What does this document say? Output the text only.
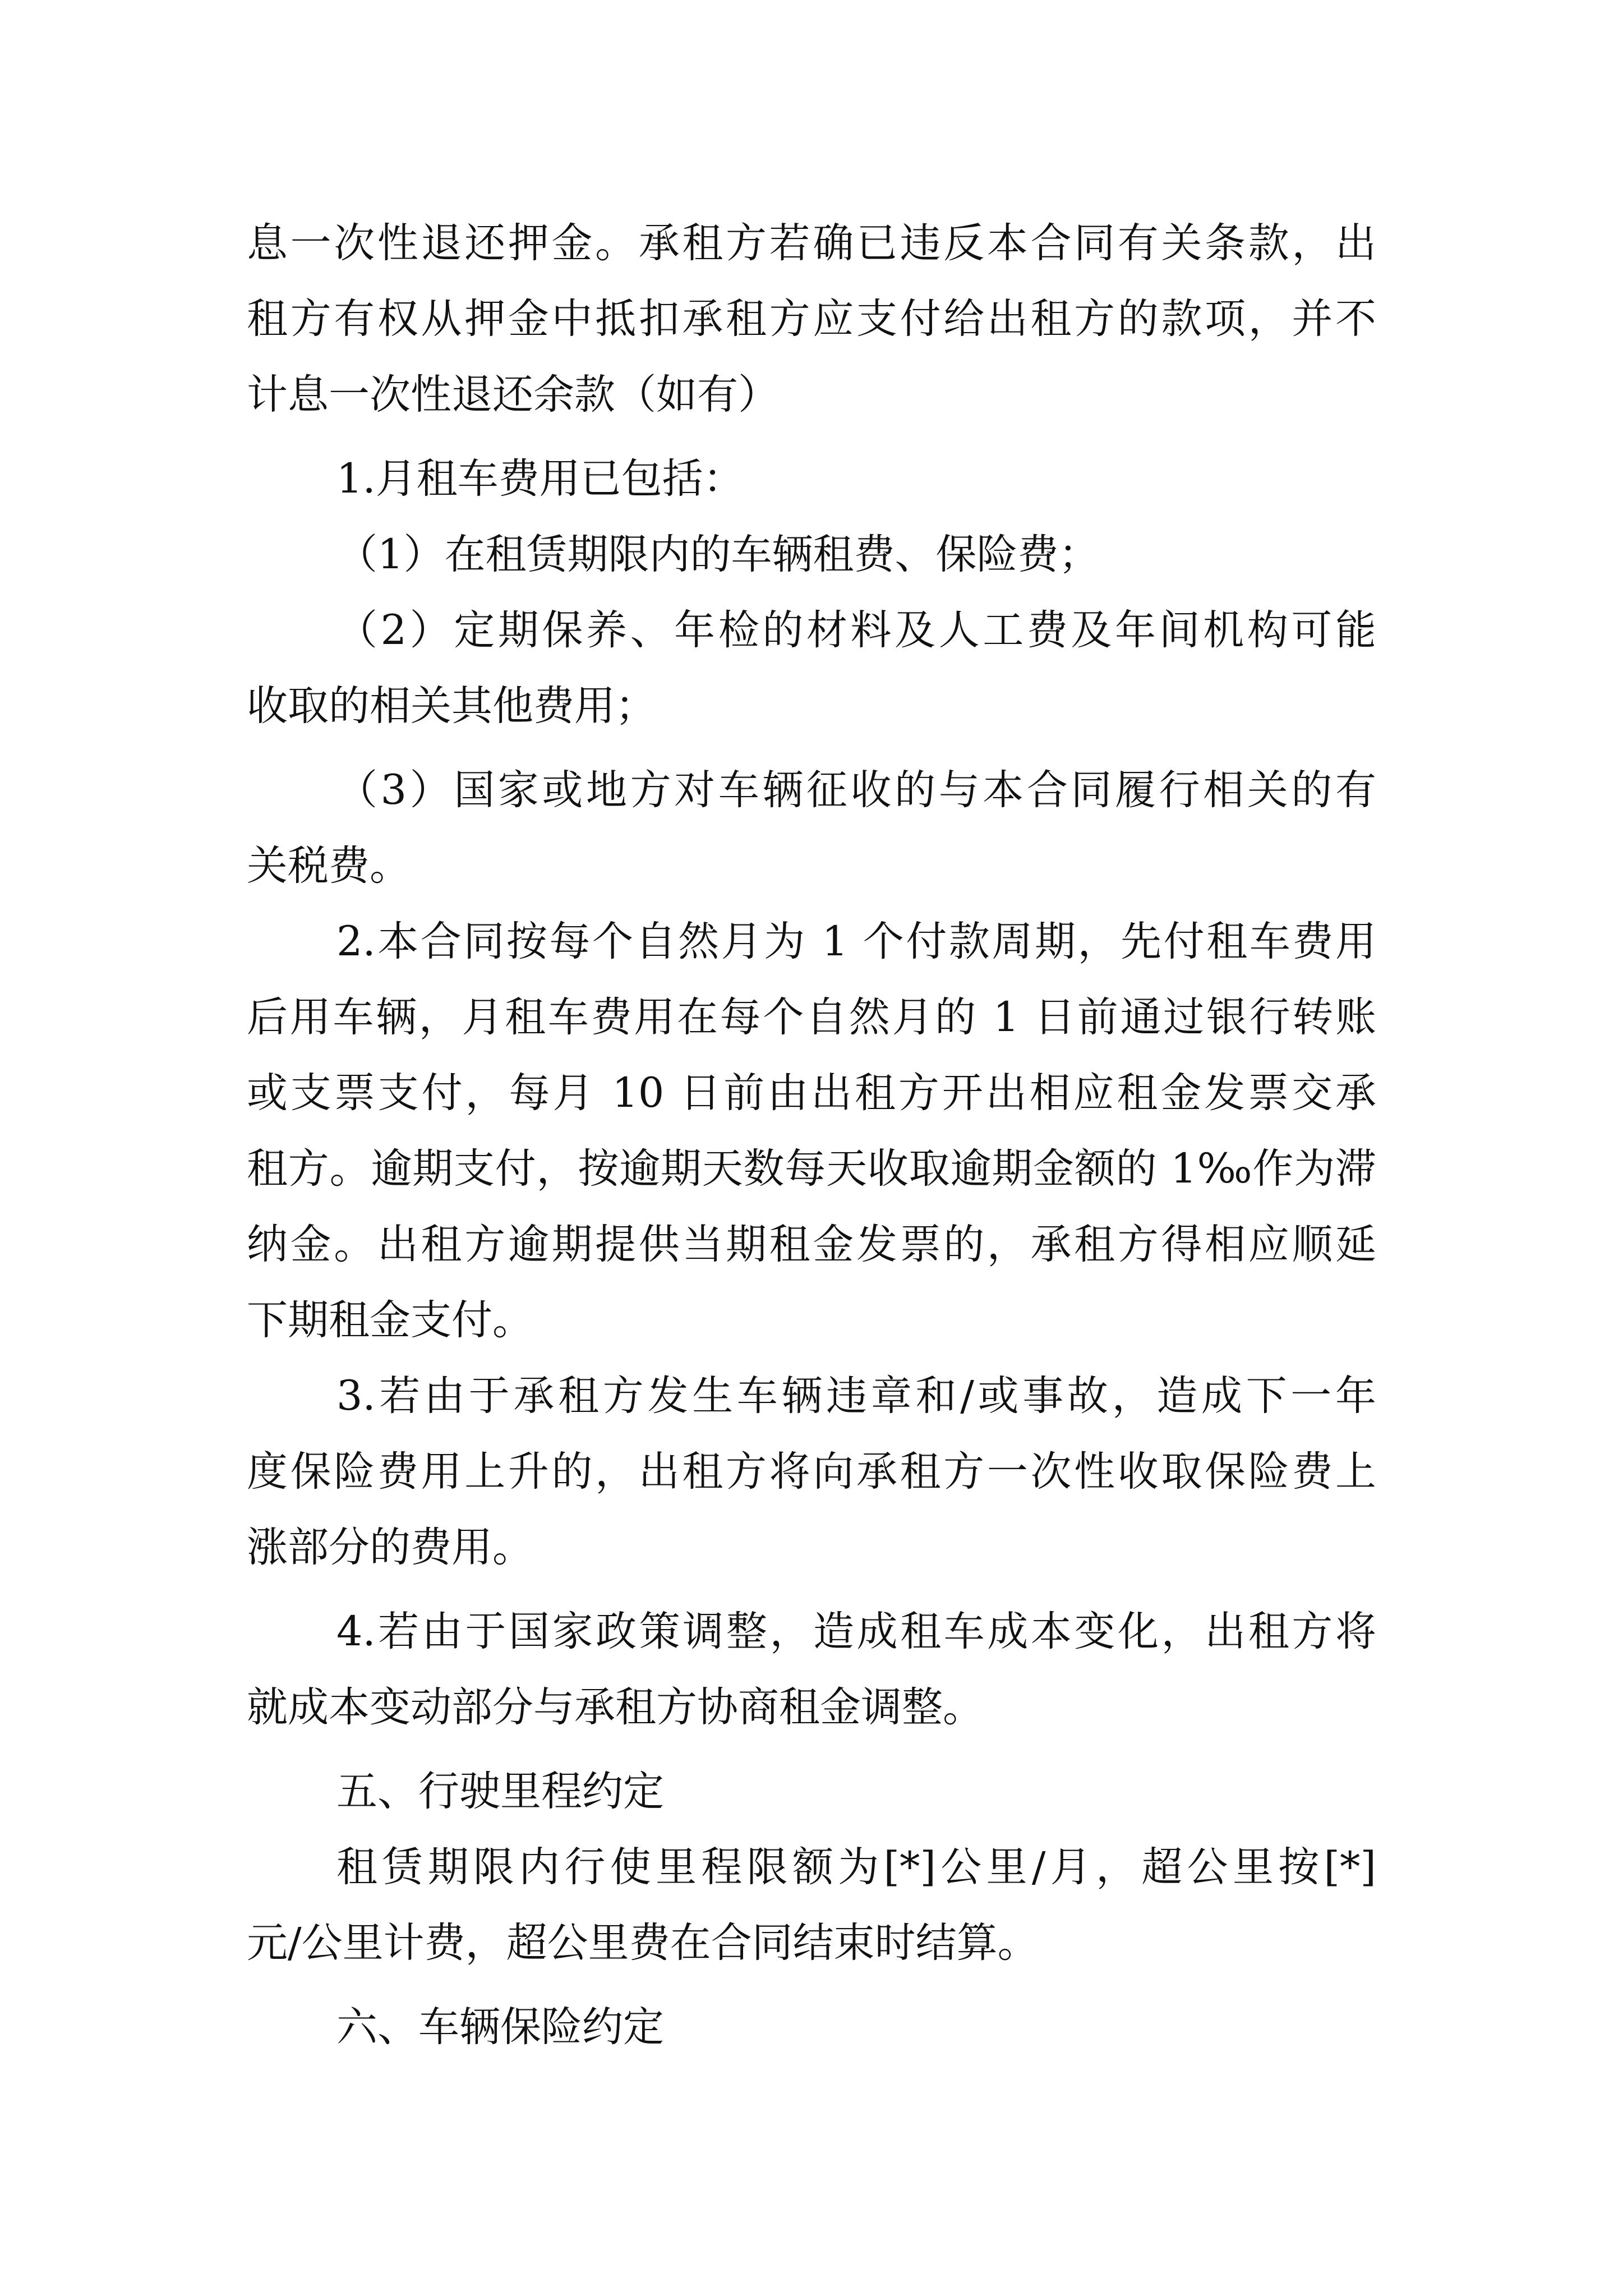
息一次性退还押金。承租方若确已违反本合同有关条款，出
租方有权从押金中抵扣承租方应支付给出租方的款项，并不
计息一次性退还余款（如有）
1.月租车费用已包括：
（1）在租赁期限内的车辆租费、保险费；
（2）定期保养、年检的材料及人工费及年间机构可能
收取的相关其他费用；
（3）国家或地方对车辆征收的与本合同履行相关的有
关税费。
2.本合同按每个自然月为 1 个付款周期，先付租车费用
后用车辆，月租车费用在每个自然月的 1 日前通过银行转账
或支票支付，每月 10 日前由出租方开出相应租金发票交承
租方。逾期支付，按逾期天数每天收取逾期金额的 1‰作为滞
纳金。出租方逾期提供当期租金发票的，承租方得相应顺延
下期租金支付。
3.若由于承租方发生车辆违章和/或事故，造成下一年
度保险费用上升的，出租方将向承租方一次性收取保险费上
涨部分的费用。
4.若由于国家政策调整，造成租车成本变化，出租方将
就成本变动部分与承租方协商租金调整。
五、行驶里程约定
租赁期限内行使里程限额为[*]公里/月，超公里按[*]
元/公里计费，超公里费在合同结束时结算。
六、车辆保险约定
